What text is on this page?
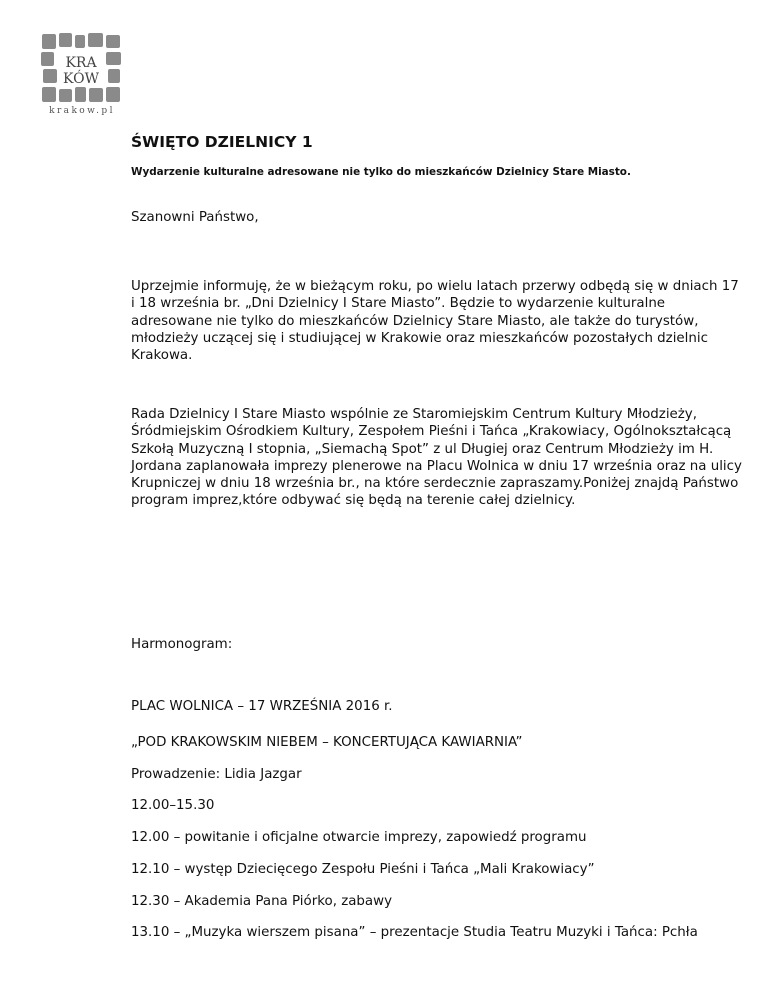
KRA
KÓW
krakow.pl
ŚWIĘTO DZIELNICY 1

Wydarzenie kulturalne adresowane nie tylko do mieszkańców Dzielnicy Stare Miasto.

Szanowni Państwo,

Uprzejmie informuję, że w bieżącym roku, po wielu latach przerwy odbędą się w dniach 17 i 18 września br. „Dni Dzielnicy I Stare Miasto”. Będzie to wydarzenie kulturalne adresowane nie tylko do mieszkańców Dzielnicy Stare Miasto, ale także do turystów, młodzieży uczącej się i studiującej w Krakowie oraz mieszkańców pozostałych dzielnic Krakowa.

Rada Dzielnicy I Stare Miasto wspólnie ze Staromiejskim Centrum Kultury Młodzieży, Śródmiejskim Ośrodkiem Kultury, Zespołem Pieśni i Tańca „Krakowiacy, Ogólnokształcącą Szkołą Muzyczną I stopnia, „Siemachą Spot” z ul Długiej oraz Centrum Młodzieży im H. Jordana zaplanowała imprezy plenerowe na Placu Wolnica w dniu 17 września oraz na ulicy Krupniczej w dniu 18 września br., na które serdecznie zapraszamy.Poniżej znajdą Państwo program imprez,które odbywać się będą na terenie całej dzielnicy.

Harmonogram:

PLAC WOLNICA – 17 WRZEŚNIA 2016 r.

„POD KRAKOWSKIM NIEBEM – KONCERTUJĄCA KAWIARNIA”

Prowadzenie: Lidia Jazgar

12.00–15.30

12.00 – powitanie i oficjalne otwarcie imprezy, zapowiedź programu

12.10 – występ Dziecięcego Zespołu Pieśni i Tańca „Mali Krakowiacy”

12.30 – Akademia Pana Piórko, zabawy

13.10 – „Muzyka wierszem pisana” – prezentacje Studia Teatru Muzyki i Tańca: Pchła
